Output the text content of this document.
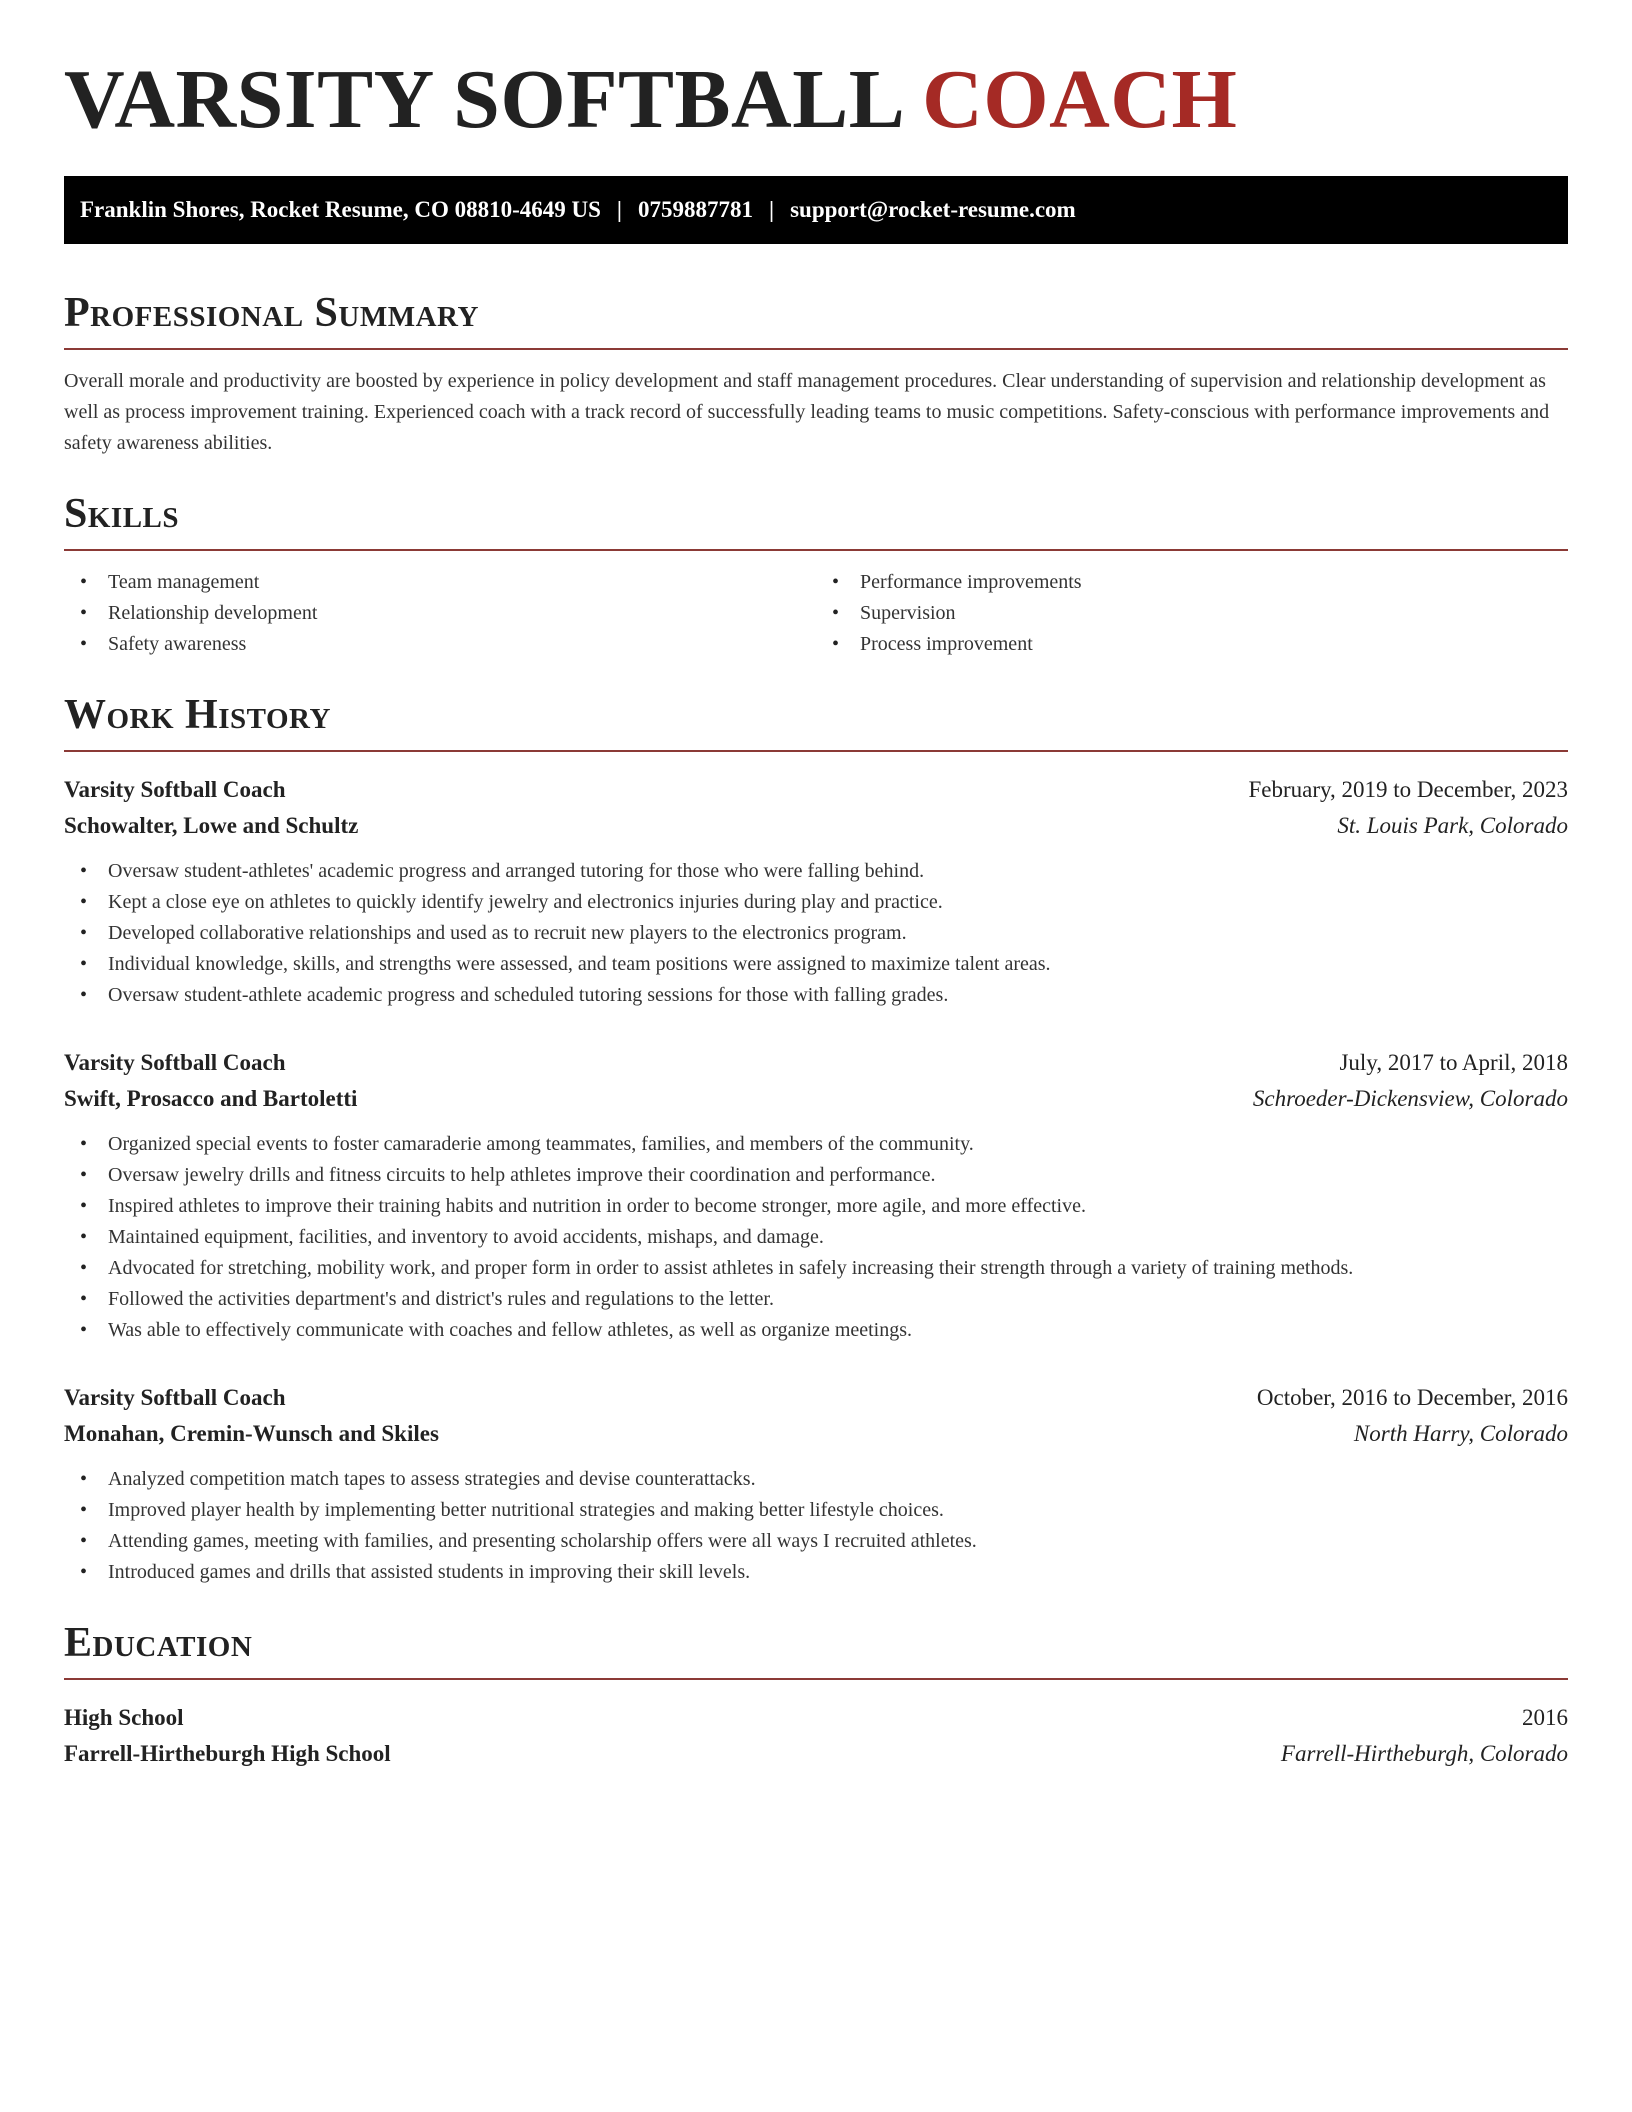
VARSITY SOFTBALL COACH
Franklin Shores, Rocket Resume, CO 08810-4649 US | 0759887781 | support@rocket-resume.com
Professional Summary

Overall morale and productivity are boosted by experience in policy development and staff management procedures. Clear understanding of supervision and relationship development as well as process improvement training. Experienced coach with a track record of successfully leading teams to music competitions. Safety-conscious with performance improvements and safety awareness abilities.

Skills
• Team management
• Relationship development
• Safety awareness
• Performance improvements
• Supervision
• Process improvement
Work History
Varsity Softball Coach	February, 2019 to December, 2023
Schowalter, Lowe and Schultz	St. Louis Park, Colorado
• Oversaw student-athletes' academic progress and arranged tutoring for those who were falling behind.
• Kept a close eye on athletes to quickly identify jewelry and electronics injuries during play and practice.
• Developed collaborative relationships and used as to recruit new players to the electronics program.
• Individual knowledge, skills, and strengths were assessed, and team positions were assigned to maximize talent areas.
• Oversaw student-athlete academic progress and scheduled tutoring sessions for those with falling grades.
Varsity Softball Coach	July, 2017 to April, 2018
Swift, Prosacco and Bartoletti	Schroeder-Dickensview, Colorado
• Organized special events to foster camaraderie among teammates, families, and members of the community.
• Oversaw jewelry drills and fitness circuits to help athletes improve their coordination and performance.
• Inspired athletes to improve their training habits and nutrition in order to become stronger, more agile, and more effective.
• Maintained equipment, facilities, and inventory to avoid accidents, mishaps, and damage.
• Advocated for stretching, mobility work, and proper form in order to assist athletes in safely increasing their strength through a variety of training methods.
• Followed the activities department's and district's rules and regulations to the letter.
• Was able to effectively communicate with coaches and fellow athletes, as well as organize meetings.
Varsity Softball Coach	October, 2016 to December, 2016
Monahan, Cremin-Wunsch and Skiles	North Harry, Colorado
• Analyzed competition match tapes to assess strategies and devise counterattacks.
• Improved player health by implementing better nutritional strategies and making better lifestyle choices.
• Attending games, meeting with families, and presenting scholarship offers were all ways I recruited athletes.
• Introduced games and drills that assisted students in improving their skill levels.
Education
High School	2016
Farrell-Hirtheburgh High School	Farrell-Hirtheburgh, Colorado
